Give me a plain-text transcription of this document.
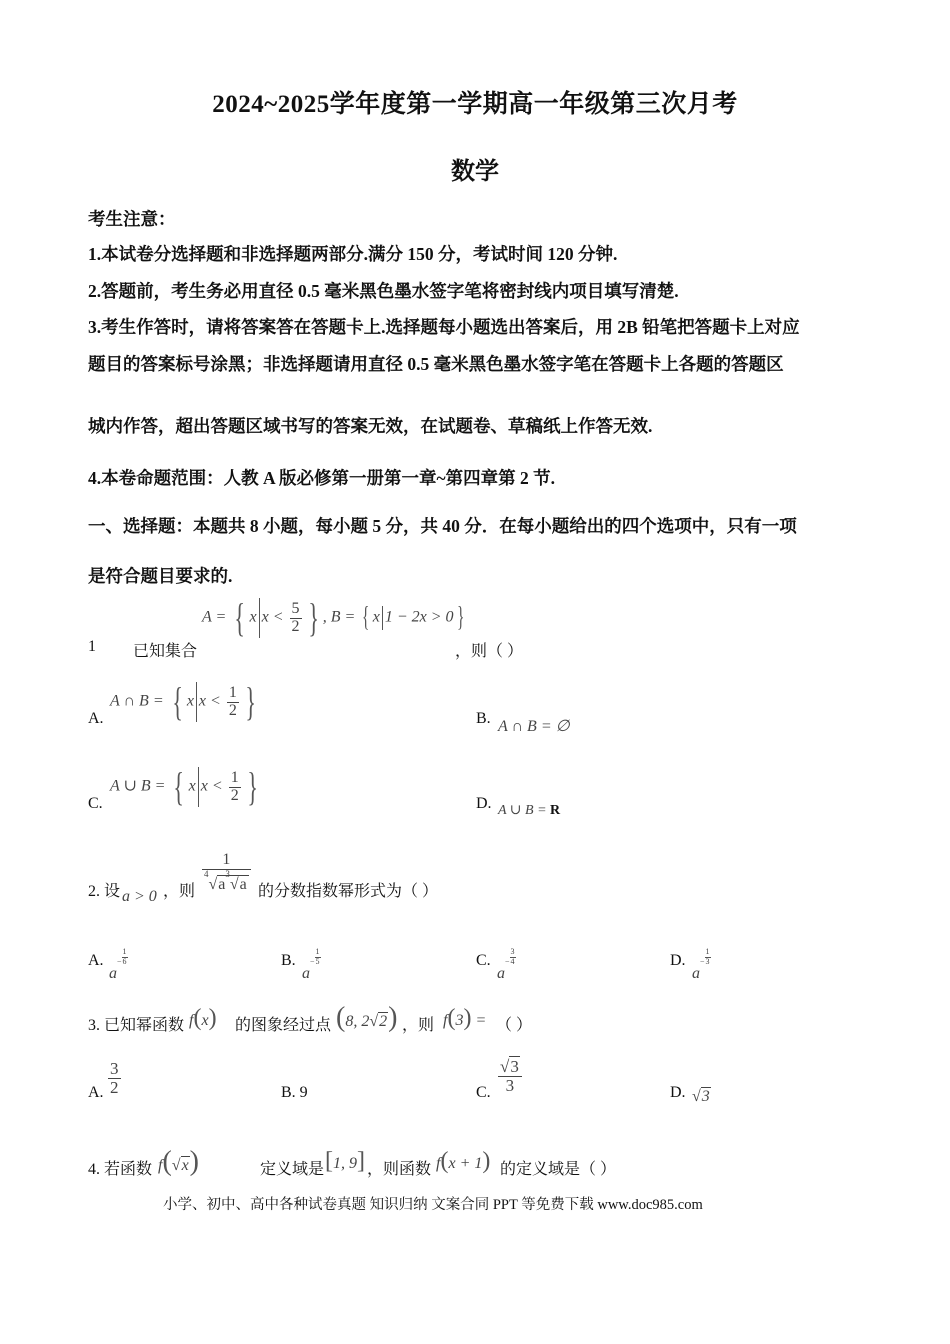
2024~2025学年度第一学期高一年级第三次月考
数学
考生注意：
1.本试卷分选择题和非选择题两部分.满分 150 分，考试时间 120 分钟.
2.答题前，考生务必用直径 0.5 毫米黑色墨水签字笔将密封线内项目填写清楚.
3.考生作答时，请将答案答在答题卡上.选择题每小题选出答案后，用 2B 铅笔把答题卡上对应
题目的答案标号涂黑；非选择题请用直径 0.5 毫米黑色墨水签字笔在答题卡上各题的答题区
城内作答，超出答题区域书写的答案无效，在试题卷、草稿纸上作答无效.
4.本卷命题范围：人教 A 版必修第一册第一章~第四章第 2 节.
一、选择题：本题共 8 小题，每小题 5 分，共 40 分．在每小题给出的四个选项中，只有一项
是符合题目要求的.
1 已知集合
A = { x $x < \frac{5}{2}$ } , B = { x 1 − 2x > 0 }
，则（ ）
A.
A ∩ B = { x $x < \frac{1}{2}$ }	B. A ∩ B = ∅
C.
A ∪ B = { x $x < \frac{1}{2}$ }	D. A ∪ B = R
2. 设 a > 0 ，则 $\frac{1}{^4√a^3√a}$ 的分数指数幂形式为（ ）
A.
$a- \frac{1}{6}$	B.
$a- \frac{1}{5}$	C.
$a- \frac{3}{4}$	D.
$a- \frac{1}{3}$
3. 已知幂函数 f(x) 的图象经过点 (8, 2√2) ，则 f(3) = （ ）
A. $\frac{3}{2}$	B. 9	C. $\frac{√3}{3}$	D. √3
4. 若函数 f(√x)	定义域是 [1, 9] ，则函数 f(x + 1) 的定义域是（ ）
小学、初中、高中各种试卷真题 知识归纳 文案合同 PPT 等免费下载 www.doc985.com
